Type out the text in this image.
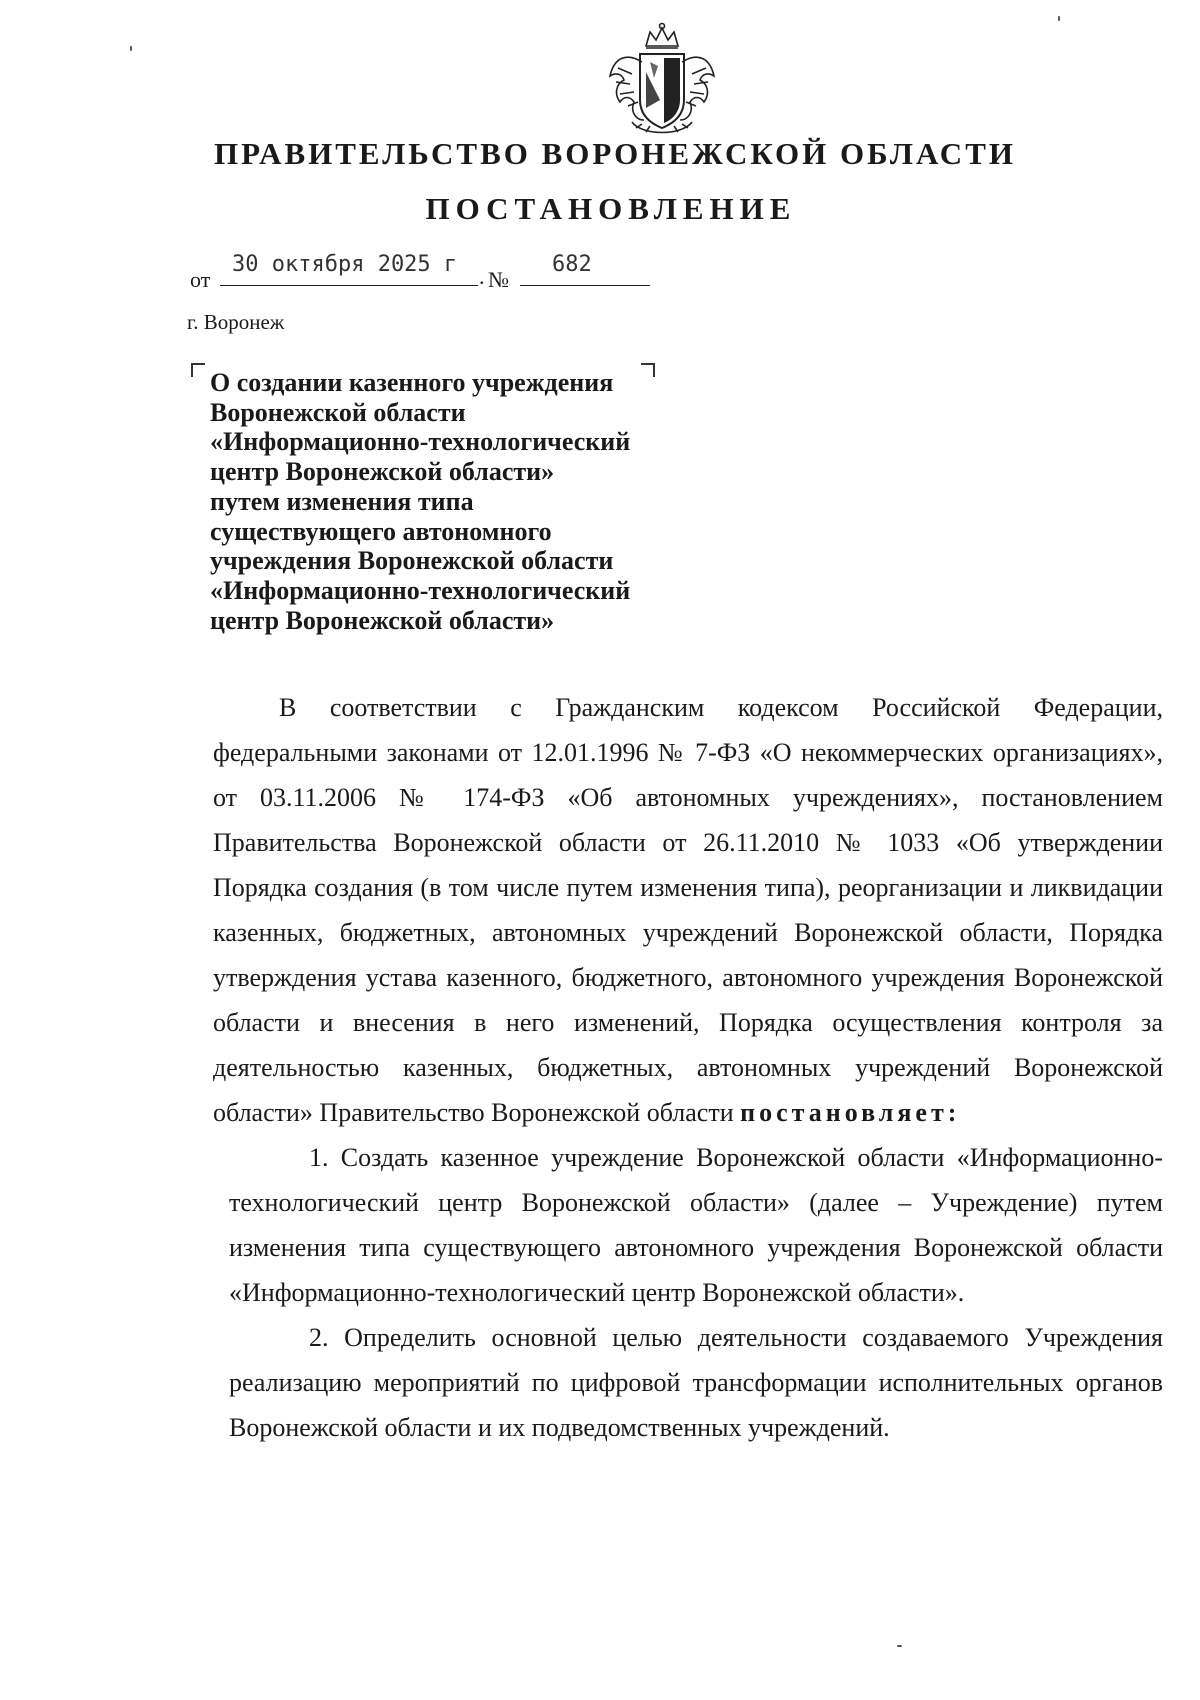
ПРАВИТЕЛЬСТВО ВОРОНЕЖСКОЙ ОБЛАСТИ
ПОСТАНОВЛЕНИЕ
от
30 октября 2025 г . №
682
г. Воронеж
О создании казенного учреждения
Воронежской области
«Информационно-технологический
центр Воронежской области»
путем изменения типа
существующего автономного
учреждения Воронежской области
«Информационно-технологический
центр Воронежской области»

В соответствии с Гражданским кодексом Российской Федерации, федеральными законами от 12.01.1996 № 7-ФЗ «О некоммерческих организациях», от 03.11.2006 № 174-ФЗ «Об автономных учреждениях», постановлением Правительства Воронежской области от 26.11.2010 № 1033 «Об утверждении Порядка создания (в том числе путем изменения типа), реорганизации и ликвидации казенных, бюджетных, автономных учреждений Воронежской области, Порядка утверждения устава казенного, бюджетного, автономного учреждения Воронежской области и внесения в него изменений, Порядка осуществления контроля за деятельностью казенных, бюджетных, автономных учреждений Воронежской области» Правительство Воронежской области постановляет:

1. Создать казенное учреждение Воронежской области «Информационно-технологический центр Воронежской области» (далее – Учреждение) путем изменения типа существующего автономного учреждения Воронежской области «Информационно-технологический центр Воронежской области».

2. Определить основной целью деятельности создаваемого Учреждения реализацию мероприятий по цифровой трансформации исполнительных органов Воронежской области и их подведомственных учреждений.
